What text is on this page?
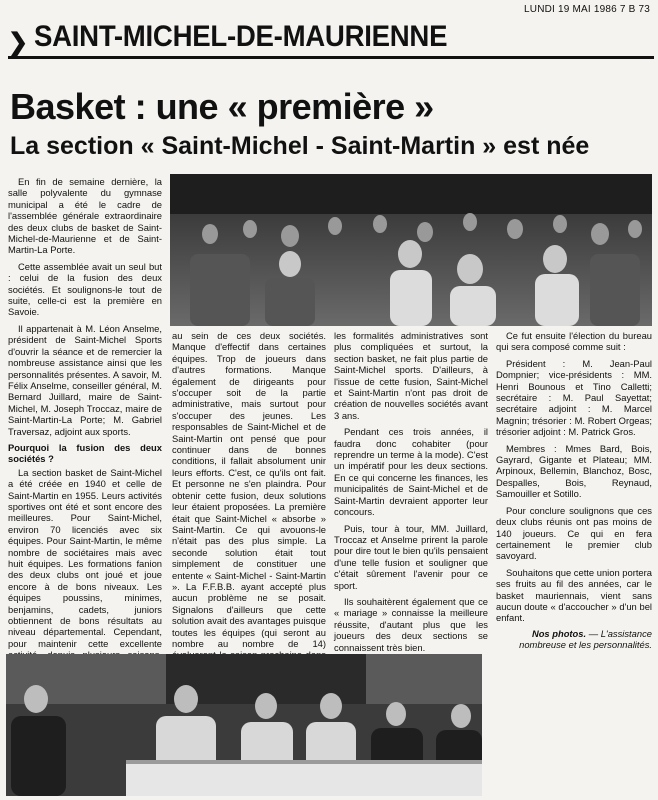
LUNDI 19 MAI 1986 7 B 73
❯ SAINT-MICHEL-DE-MAURIENNE
Basket : une « première »
La section « Saint-Michel - Saint-Martin » est née

En fin de semaine dernière, la salle polyvalente du gymnase municipal a été le cadre de l'assemblée générale extraordinaire des deux clubs de basket de Saint-Michel-de-Maurienne et de Saint-Martin-La Porte.

Cette assemblée avait un seul but : celui de la fusion des deux sociétés. Et soulignons-le tout de suite, celle-ci est la première en Savoie.

Il appartenait à M. Léon Anselme, président de Saint-Michel Sports d'ouvrir la séance et de remercier la nombreuse assistance ainsi que les personnalités présentes. A savoir, M. Félix Anselme, conseiller général, M. Bernard Juillard, maire de Saint-Michel, M. Joseph Troccaz, maire de Saint-Martin-La Porte; M. Gabriel Traversaz, adjoint aux sports.

Pourquoi la fusion des deux sociétés ?

La section basket de Saint-Michel a été créée en 1940 et celle de Saint-Martin en 1955. Leurs activités sportives ont été et sont encore des meilleures. Pour Saint-Michel, environ 70 licenciés avec six équipes. Pour Saint-Martin, le même nombre de sociétaires mais avec huit équipes. Les formations fanion des deux clubs ont joué et joue encore à de bons niveaux. Les équipes poussins, minimes, benjamins, cadets, juniors obtiennent de bons résultats au niveau départemental. Cependant, pour maintenir cette excellente

au sein de ces deux sociétés. Manque d'effectif dans certaines équipes. Trop de joueurs dans d'autres formations. Manque également de dirigeants pour s'occuper soit de la partie administrative, mais surtout pour s'occuper des jeunes. Les responsables de Saint-Michel et de Saint-Martin ont pensé que pour continuer dans de bonnes conditions, il fallait absolument unir leurs efforts. C'est, ce qu'ils ont fait. Et personne ne s'en plaindra. Pour obtenir cette fusion, deux solutions leur étaient proposées. La première était que Saint-Michel « absorbe » Saint-Martin. Ce qui avouons-le n'était pas des plus simple. La seconde solution était tout simplement de constituer une entente « Saint-Michel - Saint-Martin ». La F.F.B.B. ayant accepté plus aucun problème ne se posait. Signalons d'ailleurs que cette solution avait des avantages puisque toutes les équipes (qui seront au nombre au nombre de 14)

les formalités administratives sont plus compliquées et surtout, la section basket, ne fait plus partie de Saint-Michel sports. D'ailleurs, à l'issue de cette fusion, Saint-Michel et Saint-Martin n'ont pas droit de création de nouvelles sociétés avant 3 ans.

Pendant ces trois années, il faudra donc cohabiter (pour reprendre un terme à la mode). C'est un impératif pour les deux sections. En ce qui concerne les finances, les municipalités de Saint-Michel et de Saint-Martin devraient apporter leur concours.

Puis, tour à tour, MM. Juillard, Troccaz et Anselme prirent la parole pour dire tout le bien qu'ils pensaient d'une telle fusion et souligner que c'était sûrement l'avenir pour ce sport.

Ils souhaitèrent également que ce « mariage » connaisse la meilleure réussite, d'autant plus que les joueurs des deux sections se connaissent très bien.

Ce fut ensuite l'élection du bureau qui sera composé comme suit :

Président : M. Jean-Paul Dompnier; vice-présidents : MM. Henri Bounous et Tino Calletti; secrétaire : M. Paul Sayettat; secrétaire adjoint : M. Marcel Magnin; trésorier : M. Robert Orgeas; trésorier adjoint : M. Patrick Gros.

Membres : Mmes Bard, Bois, Gayrard, Gigante et Plateau; MM. Arpinoux, Bellemin, Blanchoz, Bosc, Despalles, Bois, Reynaud, Samouiller et Sotillo.

Pour conclure soulignons que ces deux clubs réunis ont pas moins de 140 joueurs. Ce qui en fera certainement le premier club savoyard.

Souhaitons que cette union portera ses fruits au fil des années, car le basket mauriennais, vient sans aucun doute « d'accoucher » d'un bel enfant.

Nos photos. — L'assistance nombreuse et les personnalités.
